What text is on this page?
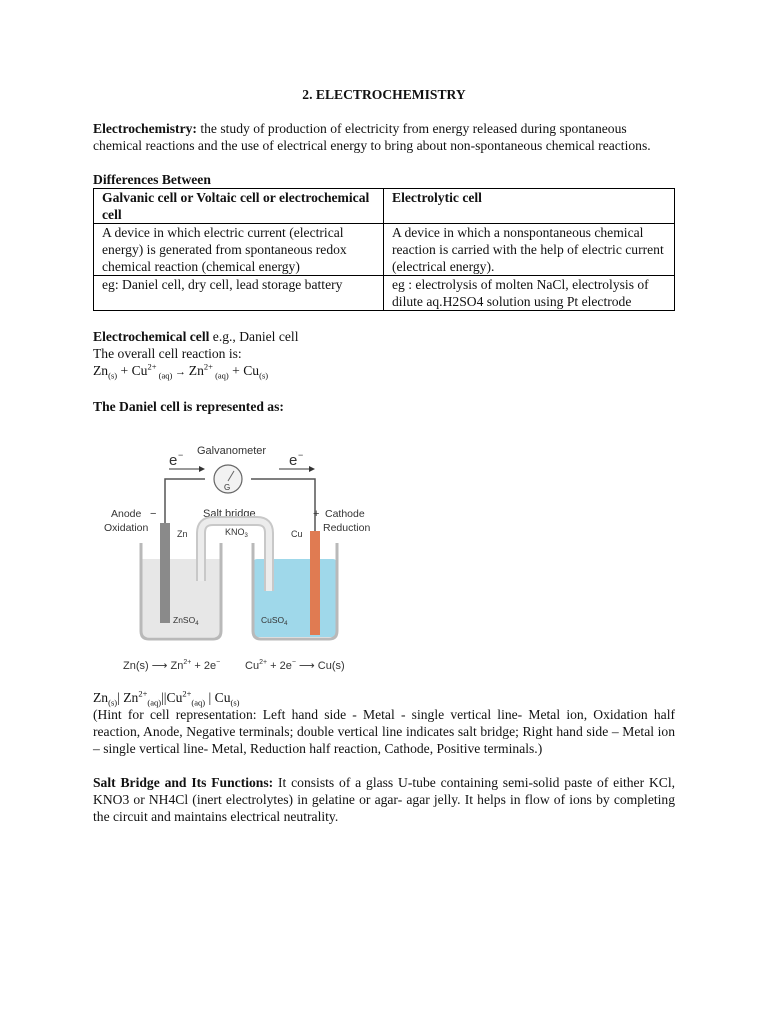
2. ELECTROCHEMISTRY

Electrochemistry: the study of production of electricity from energy released during spontaneous chemical reactions and the use of electrical energy to bring about non-spontaneous chemical reactions.

Differences Between

Galvanic cell or Voltaic cell or electrochemical cell	Electrolytic cell
A device in which electric current (electrical energy) is generated from spontaneous redox chemical reaction (chemical energy)	A device in which a nonspontaneous chemical reaction is carried with the help of electric current (electrical energy).
eg: Daniel cell, dry cell, lead storage battery	eg : electrolysis of molten NaCl, electrolysis of dilute aq.H2SO4 solution using Pt electrode

Electrochemical cell e.g., Daniel cell

The overall cell reaction is:

$Zn_{(s)} + Cu^{2+}$ $_{(aq)} \to Zn^{2+}$ $_{(aq)} + Cu_{(s)}$

The Daniel cell is represented as:

e −	e −
Galvanometer
G
Salt bridge
Anode −
Oxidation
+ Cathode
Reduction
$KNO_3$
Zn	Cu
ZnSO$_4$	CuSO$_4$
Zn(s) ⟶ $Zn^{2+} + 2e^-$ $Cu^{2+} + 2e^-$ ⟶ Cu(s)

$Zn_{(s)}|$ $Zn^{2+}_{(aq)}||Cu^{2+}_{(aq)}$ | $Cu_{(s)}$

(Hint for cell representation: Left hand side - Metal - single vertical line- Metal ion, Oxidation half reaction, Anode, Negative terminals; double vertical line indicates salt bridge; Right hand side – Metal ion – single vertical line- Metal, Reduction half reaction, Cathode, Positive terminals.)

Salt Bridge and Its Functions: It consists of a glass U-tube containing semi-solid paste of either KCl, KNO3 or NH4Cl (inert electrolytes) in gelatine or agar- agar jelly. It helps in flow of ions by completing the circuit and maintains electrical neutrality.
